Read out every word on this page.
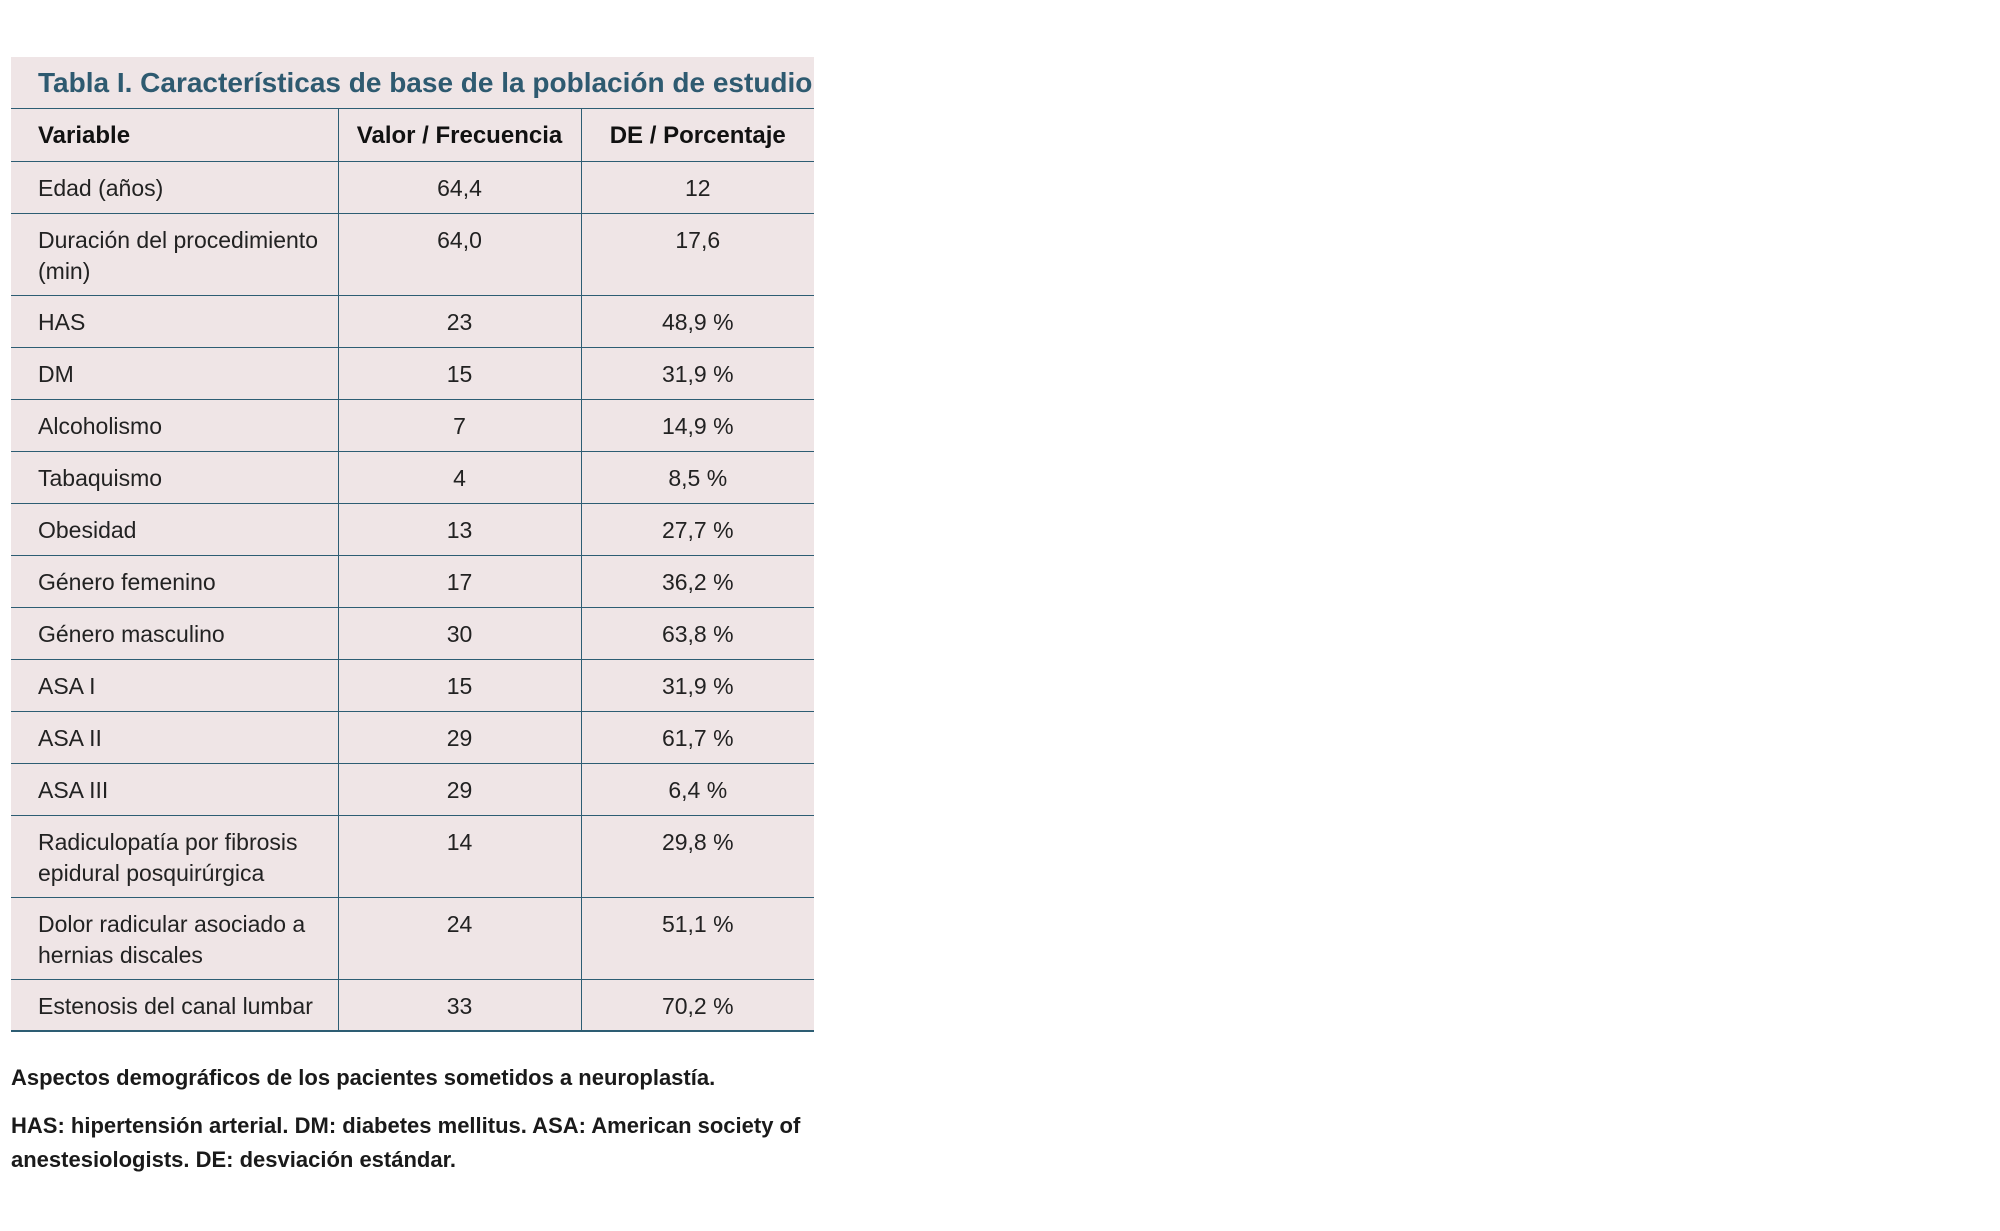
Tabla I. Características de base de la población de estudio
Variable	Valor / Frecuencia	DE / Porcentaje
Edad (años)	64,4	12
Duración del procedimiento (min)	64,0	17,6
HAS	23	48,9 %
DM	15	31,9 %
Alcoholismo	7	14,9 %
Tabaquismo	4	8,5 %
Obesidad	13	27,7 %
Género femenino	17	36,2 %
Género masculino	30	63,8 %
ASA I	15	31,9 %
ASA II	29	61,7 %
ASA III	29	6,4 %
Radiculopatía por fibrosis epidural posquirúrgica	14	29,8 %
Dolor radicular asociado a hernias discales	24	51,1 %
Estenosis del canal lumbar	33	70,2 %
Aspectos demográficos de los pacientes sometidos a neuroplastía.
HAS: hipertensión arterial. DM: diabetes mellitus. ASA: American society of anestesiologists. DE: desviación estándar.
